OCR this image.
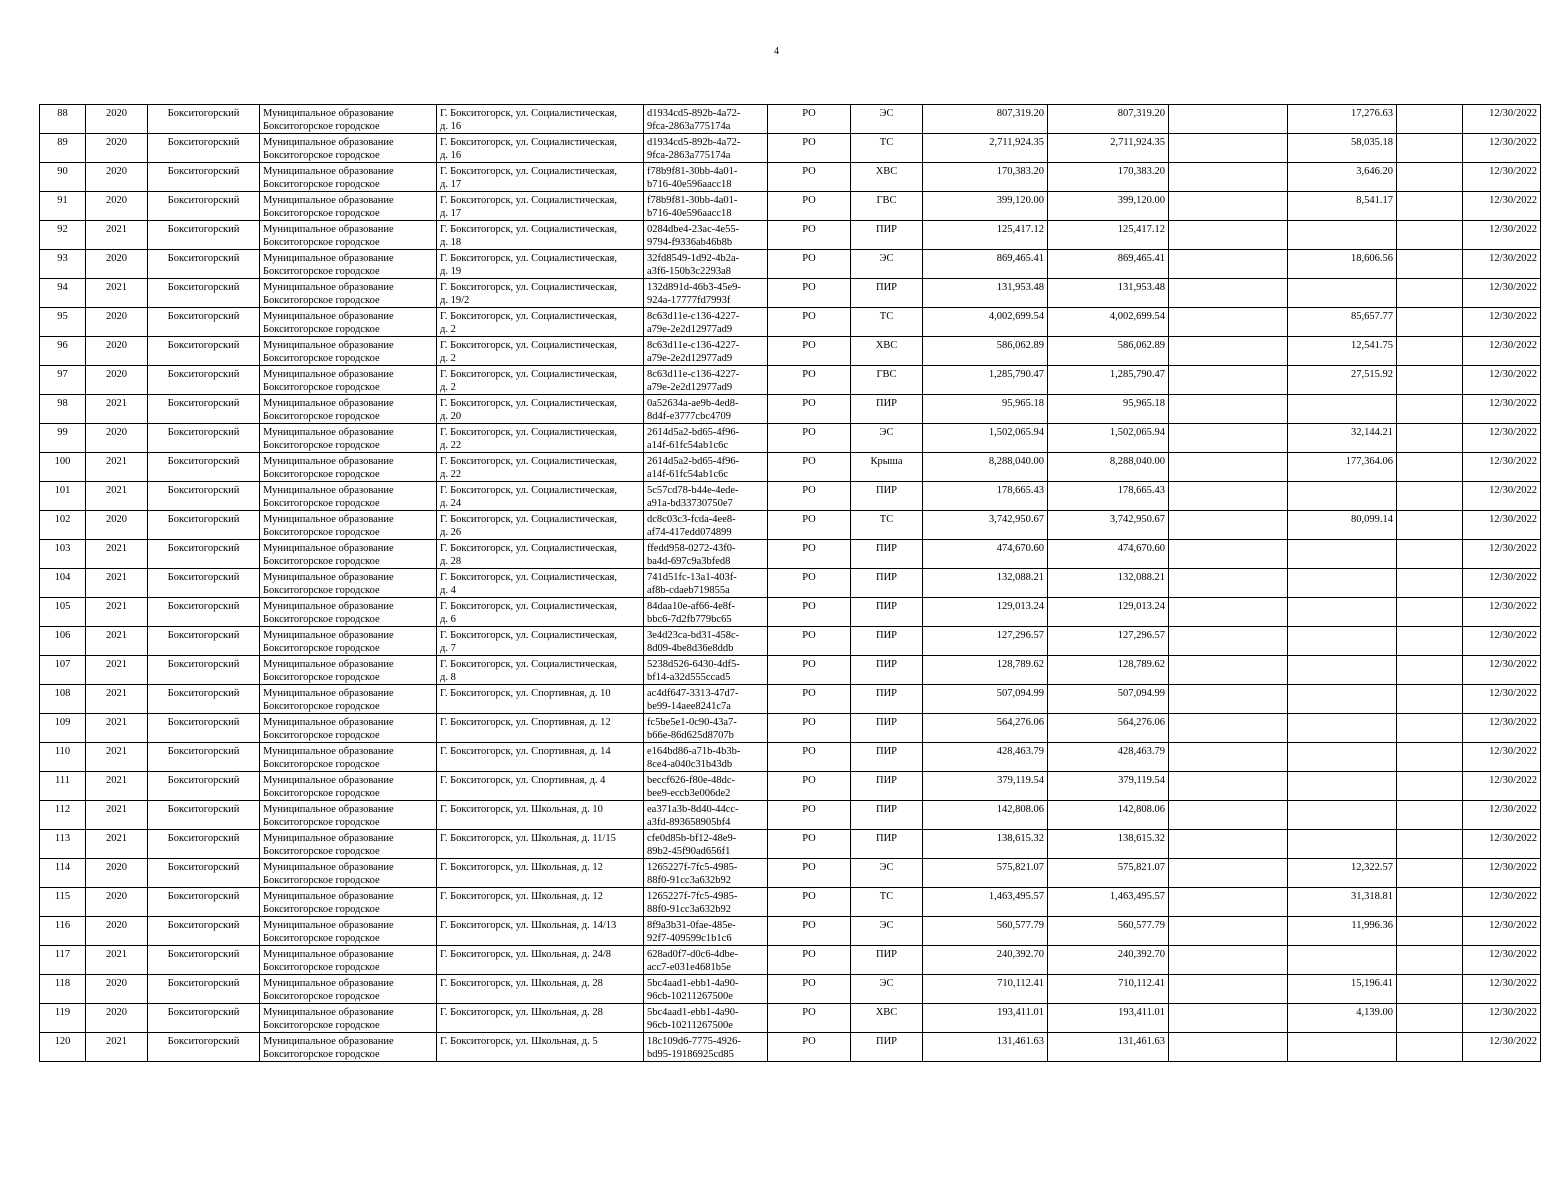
4
88	2020	Бокситогорский	Муниципальное образование
Бокситогорское городское	Г. Бокситогорск, ул. Социалистическая,
д. 16	d1934cd5-892b-4a72-
9fca-2863a775174a	РО	ЭС	807,319.20	807,319.20		17,276.63		12/30/2022
89	2020	Бокситогорский	Муниципальное образование
Бокситогорское городское	Г. Бокситогорск, ул. Социалистическая,
д. 16	d1934cd5-892b-4a72-
9fca-2863a775174a	РО	ТС	2,711,924.35	2,711,924.35		58,035.18		12/30/2022
90	2020	Бокситогорский	Муниципальное образование
Бокситогорское городское	Г. Бокситогорск, ул. Социалистическая,
д. 17	f78b9f81-30bb-4a01-
b716-40e596aacc18	РО	ХВС	170,383.20	170,383.20		3,646.20		12/30/2022
91	2020	Бокситогорский	Муниципальное образование
Бокситогорское городское	Г. Бокситогорск, ул. Социалистическая,
д. 17	f78b9f81-30bb-4a01-
b716-40e596aacc18	РО	ГВС	399,120.00	399,120.00		8,541.17		12/30/2022
92	2021	Бокситогорский	Муниципальное образование
Бокситогорское городское	Г. Бокситогорск, ул. Социалистическая,
д. 18	0284dbe4-23ac-4e55-
9794-f9336ab46b8b	РО	ПИР	125,417.12	125,417.12				12/30/2022
93	2020	Бокситогорский	Муниципальное образование
Бокситогорское городское	Г. Бокситогорск, ул. Социалистическая,
д. 19	32fd8549-1d92-4b2a-
a3f6-150b3c2293a8	РО	ЭС	869,465.41	869,465.41		18,606.56		12/30/2022
94	2021	Бокситогорский	Муниципальное образование
Бокситогорское городское	Г. Бокситогорск, ул. Социалистическая,
д. 19/2	132d891d-46b3-45e9-
924a-17777fd7993f	РО	ПИР	131,953.48	131,953.48				12/30/2022
95	2020	Бокситогорский	Муниципальное образование
Бокситогорское городское	Г. Бокситогорск, ул. Социалистическая,
д. 2	8c63d11e-c136-4227-
a79e-2e2d12977ad9	РО	ТС	4,002,699.54	4,002,699.54		85,657.77		12/30/2022
96	2020	Бокситогорский	Муниципальное образование
Бокситогорское городское	Г. Бокситогорск, ул. Социалистическая,
д. 2	8c63d11e-c136-4227-
a79e-2e2d12977ad9	РО	ХВС	586,062.89	586,062.89		12,541.75		12/30/2022
97	2020	Бокситогорский	Муниципальное образование
Бокситогорское городское	Г. Бокситогорск, ул. Социалистическая,
д. 2	8c63d11e-c136-4227-
a79e-2e2d12977ad9	РО	ГВС	1,285,790.47	1,285,790.47		27,515.92		12/30/2022
98	2021	Бокситогорский	Муниципальное образование
Бокситогорское городское	Г. Бокситогорск, ул. Социалистическая,
д. 20	0a52634a-ae9b-4ed8-
8d4f-e3777cbc4709	РО	ПИР	95,965.18	95,965.18				12/30/2022
99	2020	Бокситогорский	Муниципальное образование
Бокситогорское городское	Г. Бокситогорск, ул. Социалистическая,
д. 22	2614d5a2-bd65-4f96-
a14f-61fc54ab1c6c	РО	ЭС	1,502,065.94	1,502,065.94		32,144.21		12/30/2022
100	2021	Бокситогорский	Муниципальное образование
Бокситогорское городское	Г. Бокситогорск, ул. Социалистическая,
д. 22	2614d5a2-bd65-4f96-
a14f-61fc54ab1c6c	РО	Крыша	8,288,040.00	8,288,040.00		177,364.06		12/30/2022
101	2021	Бокситогорский	Муниципальное образование
Бокситогорское городское	Г. Бокситогорск, ул. Социалистическая,
д. 24	5c57cd78-b44e-4ede-
a91a-bd33730750e7	РО	ПИР	178,665.43	178,665.43				12/30/2022
102	2020	Бокситогорский	Муниципальное образование
Бокситогорское городское	Г. Бокситогорск, ул. Социалистическая,
д. 26	dc8c03c3-fcda-4ee8-
af74-417edd074899	РО	ТС	3,742,950.67	3,742,950.67		80,099.14		12/30/2022
103	2021	Бокситогорский	Муниципальное образование
Бокситогорское городское	Г. Бокситогорск, ул. Социалистическая,
д. 28	ffedd958-0272-43f0-
ba4d-697c9a3bfed8	РО	ПИР	474,670.60	474,670.60				12/30/2022
104	2021	Бокситогорский	Муниципальное образование
Бокситогорское городское	Г. Бокситогорск, ул. Социалистическая,
д. 4	741d51fc-13a1-403f-
af8b-cdaeb719855a	РО	ПИР	132,088.21	132,088.21				12/30/2022
105	2021	Бокситогорский	Муниципальное образование
Бокситогорское городское	Г. Бокситогорск, ул. Социалистическая,
д. 6	84daa10e-af66-4e8f-
bbc6-7d2fb779bc65	РО	ПИР	129,013.24	129,013.24				12/30/2022
106	2021	Бокситогорский	Муниципальное образование
Бокситогорское городское	Г. Бокситогорск, ул. Социалистическая,
д. 7	3e4d23ca-bd31-458c-
8d09-4be8d36e8ddb	РО	ПИР	127,296.57	127,296.57				12/30/2022
107	2021	Бокситогорский	Муниципальное образование
Бокситогорское городское	Г. Бокситогорск, ул. Социалистическая,
д. 8	5238d526-6430-4df5-
bf14-a32d555ccad5	РО	ПИР	128,789.62	128,789.62				12/30/2022
108	2021	Бокситогорский	Муниципальное образование
Бокситогорское городское	Г. Бокситогорск, ул. Спортивная, д. 10	ac4df647-3313-47d7-
be99-14aee8241c7a	РО	ПИР	507,094.99	507,094.99				12/30/2022
109	2021	Бокситогорский	Муниципальное образование
Бокситогорское городское	Г. Бокситогорск, ул. Спортивная, д. 12	fc5be5e1-0c90-43a7-
b66e-86d625d8707b	РО	ПИР	564,276.06	564,276.06				12/30/2022
110	2021	Бокситогорский	Муниципальное образование
Бокситогорское городское	Г. Бокситогорск, ул. Спортивная, д. 14	e164bd86-a71b-4b3b-
8ce4-a040c31b43db	РО	ПИР	428,463.79	428,463.79				12/30/2022
111	2021	Бокситогорский	Муниципальное образование
Бокситогорское городское	Г. Бокситогорск, ул. Спортивная, д. 4	beccf626-f80e-48dc-
bee9-eccb3e006de2	РО	ПИР	379,119.54	379,119.54				12/30/2022
112	2021	Бокситогорский	Муниципальное образование
Бокситогорское городское	Г. Бокситогорск, ул. Школьная, д. 10	ea371a3b-8d40-44cc-
a3fd-893658905bf4	РО	ПИР	142,808.06	142,808.06				12/30/2022
113	2021	Бокситогорский	Муниципальное образование
Бокситогорское городское	Г. Бокситогорск, ул. Школьная, д. 11/15	cfe0d85b-bf12-48e9-
89b2-45f90ad656f1	РО	ПИР	138,615.32	138,615.32				12/30/2022
114	2020	Бокситогорский	Муниципальное образование
Бокситогорское городское	Г. Бокситогорск, ул. Школьная, д. 12	1265227f-7fc5-4985-
88f0-91cc3a632b92	РО	ЭС	575,821.07	575,821.07		12,322.57		12/30/2022
115	2020	Бокситогорский	Муниципальное образование
Бокситогорское городское	Г. Бокситогорск, ул. Школьная, д. 12	1265227f-7fc5-4985-
88f0-91cc3a632b92	РО	ТС	1,463,495.57	1,463,495.57		31,318.81		12/30/2022
116	2020	Бокситогорский	Муниципальное образование
Бокситогорское городское	Г. Бокситогорск, ул. Школьная, д. 14/13	8f9a3b31-0fae-485e-
92f7-409599c1b1c6	РО	ЭС	560,577.79	560,577.79		11,996.36		12/30/2022
117	2021	Бокситогорский	Муниципальное образование
Бокситогорское городское	Г. Бокситогорск, ул. Школьная, д. 24/8	628ad0f7-d0c6-4dbe-
acc7-e031e4681b5e	РО	ПИР	240,392.70	240,392.70				12/30/2022
118	2020	Бокситогорский	Муниципальное образование
Бокситогорское городское	Г. Бокситогорск, ул. Школьная, д. 28	5bc4aad1-ebb1-4a90-
96cb-10211267500e	РО	ЭС	710,112.41	710,112.41		15,196.41		12/30/2022
119	2020	Бокситогорский	Муниципальное образование
Бокситогорское городское	Г. Бокситогорск, ул. Школьная, д. 28	5bc4aad1-ebb1-4a90-
96cb-10211267500e	РО	ХВС	193,411.01	193,411.01		4,139.00		12/30/2022
120	2021	Бокситогорский	Муниципальное образование
Бокситогорское городское	Г. Бокситогорск, ул. Школьная, д. 5	18c109d6-7775-4926-
bd95-19186925cd85	РО	ПИР	131,461.63	131,461.63				12/30/2022
